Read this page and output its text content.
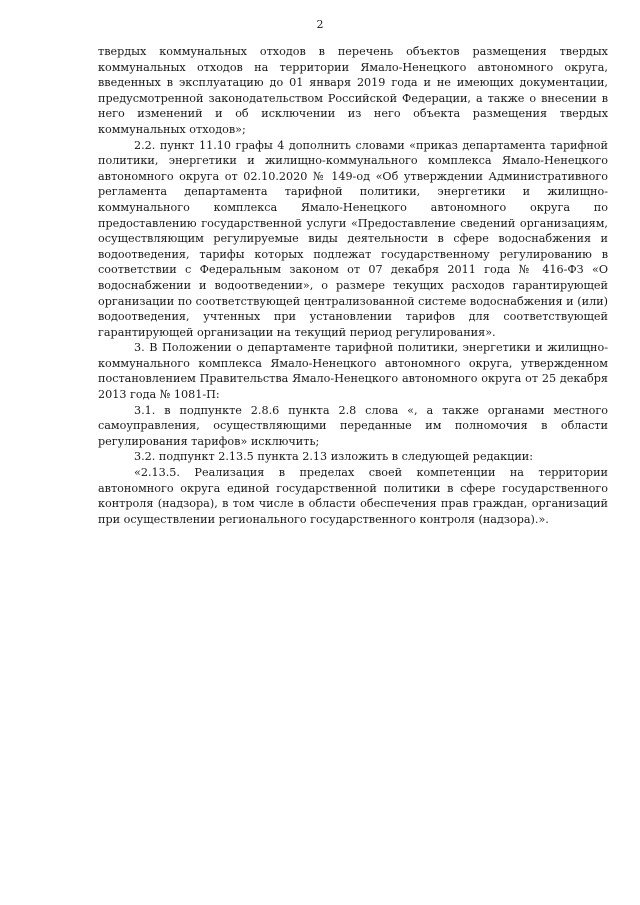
2

твердых коммунальных отходов в перечень объектов размещения твердых коммунальных отходов на территории Ямало-Ненецкого автономного округа, введенных в эксплуатацию до 01 января 2019 года и не имеющих документации, предусмотренной законодательством Российской Федерации, а также о внесении в него изменений и об исключении из него объекта размещения твердых коммунальных отходов»;

2.2. пункт 11.10 графы 4 дополнить словами «приказ департамента тарифной политики, энергетики и жилищно-коммунального комплекса Ямало-Ненецкого автономного округа от 02.10.2020 № 149-од «Об утверждении Административного регламента департамента тарифной политики, энергетики и жилищно-коммунального комплекса Ямало-Ненецкого автономного округа по предоставлению государственной услуги «Предоставление сведений организациям, осуществляющим регулируемые виды деятельности в сфере водоснабжения и водоотведения, тарифы которых подлежат государственному регулированию в соответствии с Федеральным законом от 07 декабря 2011 года № 416-ФЗ «О водоснабжении и водоотведении», о размере текущих расходов гарантирующей организации по соответствующей централизованной системе водоснабжения и (или) водоотведения, учтенных при установлении тарифов для соответствующей гарантирующей организации на текущий период регулирования».

3. В Положении о департаменте тарифной политики, энергетики и жилищно-коммунального комплекса Ямало-Ненецкого автономного округа, утвержденном постановлением Правительства Ямало-Ненецкого автономного округа от 25 декабря 2013 года № 1081-П:

3.1. в подпункте 2.8.6 пункта 2.8 слова «, а также органами местного самоуправления, осуществляющими переданные им полномочия в области регулирования тарифов» исключить;

3.2. подпункт 2.13.5 пункта 2.13 изложить в следующей редакции:

«2.13.5. Реализация в пределах своей компетенции на территории автономного округа единой государственной политики в сфере государственного контроля (надзора), в том числе в области обеспечения прав граждан, организаций при осуществлении регионального государственного контроля (надзора).».
